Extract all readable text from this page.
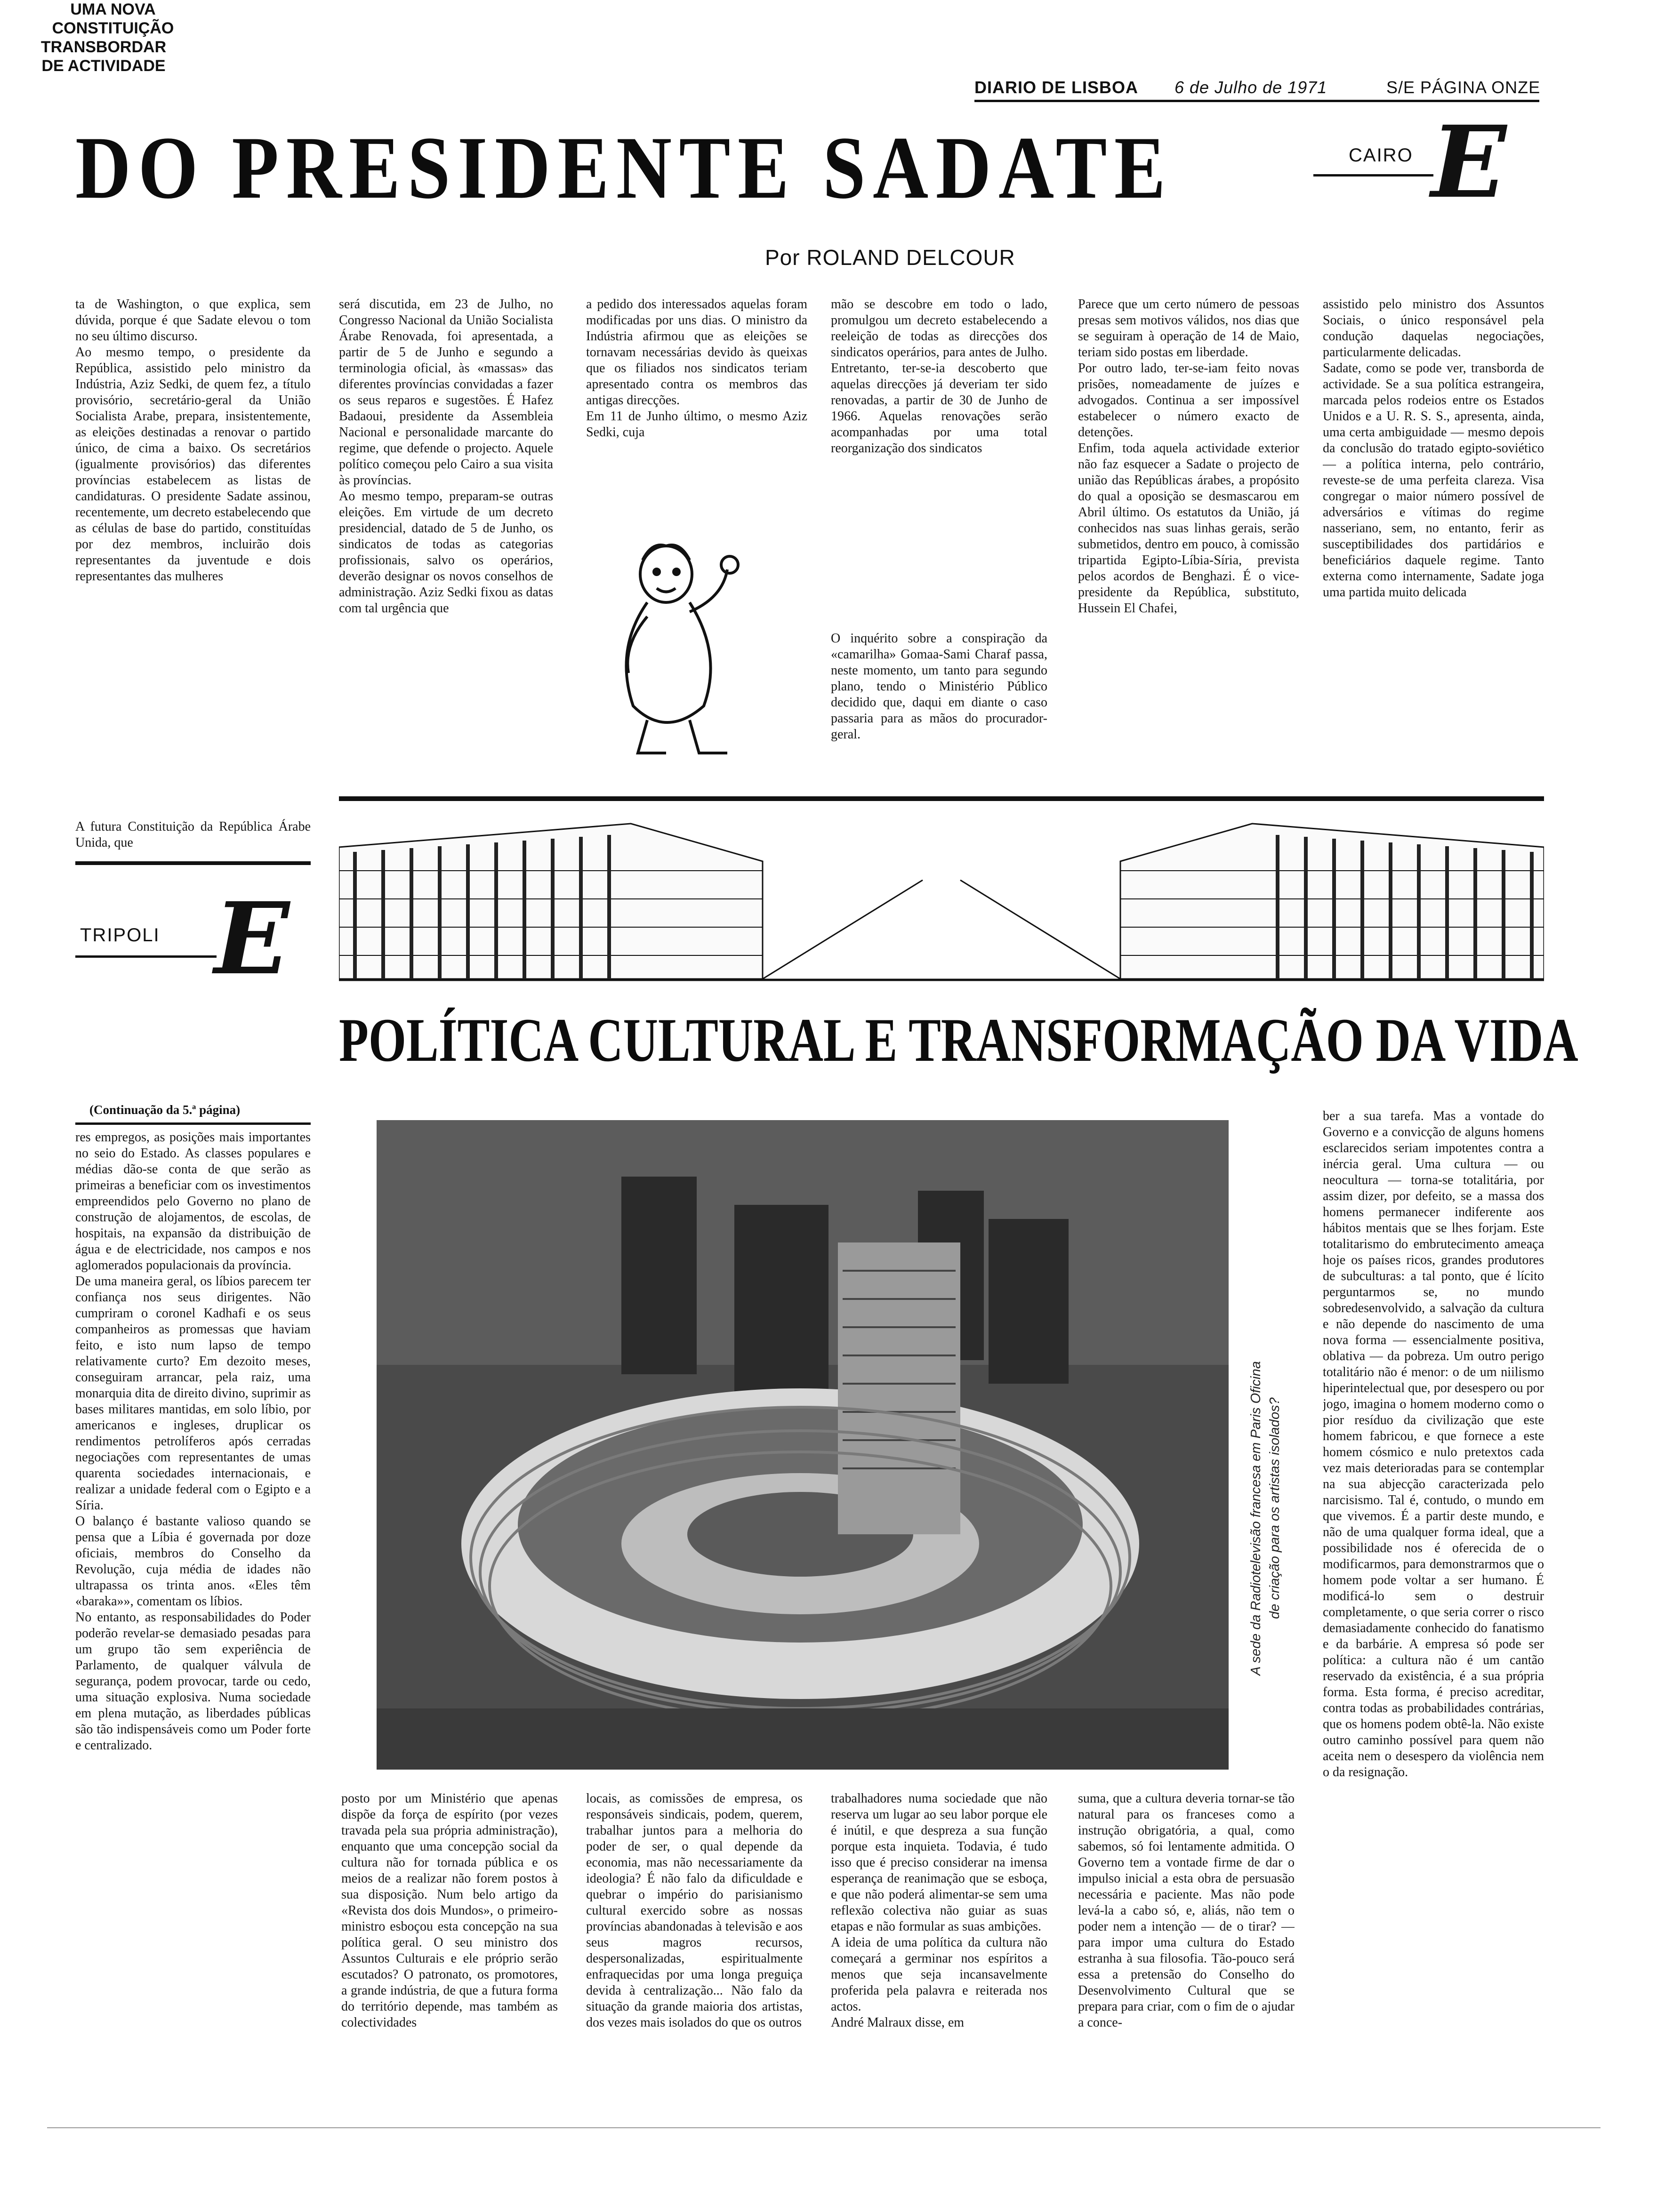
DIARIO DE LISBOA 6 de Julho de 1971	S/E PÁGINA ONZE
DO PRESIDENTE SADATE	CAIRO E
Por ROLAND DELCOUR
ta de Washington, o que explica, sem dúvida, porque é que Sadate elevou o tom no seu último discurso.
Ao mesmo tempo, o presidente da República, assistido pelo ministro da Indústria, Aziz Sedki, de quem fez, a título provisório, secretário-geral da União Socialista Arabe, prepara, insistentemente, as eleições destinadas a renovar o partido único, de cima a baixo. Os secretários (igualmente provisórios) das diferentes províncias estabelecem as listas de candidaturas. O presidente Sadate assinou, recentemente, um decreto estabelecendo que as células de base do partido, constituídas por dez membros, incluirão dois representantes da juventude e dois representantes das mulheres
UMA NOVA
CONSTITUIÇÃO
A futura Constituição da República Árabe Unida, que
será discutida, em 23 de Julho, no Congresso Nacional da União Socialista Árabe Renovada, foi apresentada, a partir de 5 de Junho e segundo a terminologia oficial, às «massas» das diferentes províncias convidadas a fazer os seus reparos e sugestões. É Hafez Badaoui, presidente da Assembleia Nacional e personalidade marcante do regime, que defende o projecto. Aquele político começou pelo Cairo a sua visita às províncias.
Ao mesmo tempo, preparam-se outras eleições. Em virtude de um decreto presidencial, datado de 5 de Junho, os sindicatos de todas as categorias profissionais, salvo os operários, deverão designar os novos conselhos de administração. Aziz Sedki fixou as datas com tal urgência que
a pedido dos interessados aquelas foram modificadas por uns dias. O ministro da Indústria afirmou que as eleições se tornavam necessárias devido às queixas que os filiados nos sindicatos teriam apresentado contra os membros das antigas direcções.
Em 11 de Junho último, o mesmo Aziz Sedki, cuja
mão se descobre em todo o lado, promulgou um decreto estabelecendo a reeleição de todas as direcções dos sindicatos operários, para antes de Julho. Entretanto, ter-se-ia descoberto que aquelas direcções já deveriam ter sido renovadas, a partir de 30 de Junho de 1966. Aquelas renovações serão acompanhadas por uma total reorganização dos sindicatos
TRANSBORDAR
DE ACTIVIDADE
O inquérito sobre a conspiração da «camarilha» Gomaa-Sami Charaf passa, neste momento, um tanto para segundo plano, tendo o Ministério Público decidido que, daqui em diante o caso passaria para as mãos do procurador-geral.
Parece que um certo número de pessoas presas sem motivos válidos, nos dias que se seguiram à operação de 14 de Maio, teriam sido postas em liberdade.
Por outro lado, ter-se-iam feito novas prisões, nomeadamente de juízes e advogados. Continua a ser impossível estabelecer o número exacto de detenções.
Enfim, toda aquela actividade exterior não faz esquecer a Sadate o projecto de união das Repúblicas árabes, a propósito do qual a oposição se desmascarou em Abril último. Os estatutos da União, já conhecidos nas suas linhas gerais, serão submetidos, dentro em pouco, à comissão tripartida Egipto-Líbia-Síria, prevista pelos acordos de Benghazi. É o vice-presidente da República, substituto, Hussein El Chafei,
assistido pelo ministro dos Assuntos Sociais, o único responsável pela condução daquelas negociações, particularmente delicadas.
Sadate, como se pode ver, transborda de actividade. Se a sua política estrangeira, marcada pelos rodeios entre os Estados Unidos e a U. R. S. S., apresenta, ainda, uma certa ambiguidade — mesmo depois da conclusão do tratado egipto-soviético — a política interna, pelo contrário, reveste-se de uma perfeita clareza. Visa congregar o maior número possível de adversários e vítimas do regime nasseriano, sem, no entanto, ferir as susceptibilidades dos partidários e beneficiários daquele regime. Tanto externa como internamente, Sadate joga uma partida muito delicada
TRIPOLI E
POLÍTICA CULTURAL E TRANSFORMAÇÃO DA VIDA
(Continuação da 5.ª página)
res empregos, as posições mais importantes no seio do Estado. As classes populares e médias dão-se conta de que serão as primeiras a beneficiar com os investimentos empreendidos pelo Governo no plano de construção de alojamentos, de escolas, de hospitais, na expansão da distribuição de água e de electricidade, nos campos e nos aglomerados populacionais da província.
De uma maneira geral, os líbios parecem ter confiança nos seus dirigentes. Não cumpriram o coronel Kadhafi e os seus companheiros as promessas que haviam feito, e isto num lapso de tempo relativamente curto? Em dezoito meses, conseguiram arrancar, pela raiz, uma monarquia dita de direito divino, suprimir as bases militares mantidas, em solo líbio, por americanos e ingleses, druplicar os rendimentos petrolíferos após cerradas negociações com representantes de umas quarenta sociedades internacionais, e realizar a unidade federal com o Egipto e a Síria.
O balanço é bastante valioso quando se pensa que a Líbia é governada por doze oficiais, membros do Conselho da Revolução, cuja média de idades não ultrapassa os trinta anos. «Eles têm «baraka»», comentam os líbios.
No entanto, as responsabilidades do Poder poderão revelar-se demasiado pesadas para um grupo tão sem experiência de Parlamento, de qualquer válvula de segurança, podem provocar, tarde ou cedo, uma situação explosiva. Numa sociedade em plena mutação, as liberdades públicas são tão indispensáveis como um Poder forte e centralizado.
A sede da Radiotelevisão francesa em Paris Oficina de criação para os artistas isolados?
posto por um Ministério que apenas dispõe da força de espírito (por vezes travada pela sua própria administração), enquanto que uma concepção social da cultura não for tornada pública e os meios de a realizar não forem postos à sua disposição. Num belo artigo da «Revista dos dois Mundos», o primeiro-ministro esboçou esta concepção na sua política geral. O seu ministro dos Assuntos Culturais e ele próprio serão escutados? O patronato, os promotores, a grande indústria, de que a futura forma do território depende, mas também as colectividades
locais, as comissões de empresa, os responsáveis sindicais, podem, querem, trabalhar juntos para a melhoria do poder de ser, o qual depende da economia, mas não necessariamente da ideologia? É não falo da dificuldade e quebrar o império do parisianismo cultural exercido sobre as nossas províncias abandonadas à televisão e aos seus magros recursos, despersonalizadas, espiritualmente enfraquecidas por uma longa preguiça devida à centralização... Não falo da situação da grande maioria dos artistas, dos vezes mais isolados do que os outros
trabalhadores numa sociedade que não reserva um lugar ao seu labor porque ele é inútil, e que despreza a sua função porque esta inquieta. Todavia, é tudo isso que é preciso considerar na imensa esperança de reanimação que se esboça, e que não poderá alimentar-se sem uma reflexão colectiva não guiar as suas etapas e não formular as suas ambições.
A ideia de uma política da cultura não começará a germinar nos espíritos a menos que seja incansavelmente proferida pela palavra e reiterada nos actos.
André Malraux disse, em
suma, que a cultura deveria tornar-se tão natural para os franceses como a instrução obrigatória, a qual, como sabemos, só foi lentamente admitida. O Governo tem a vontade firme de dar o impulso inicial a esta obra de persuasão necessária e paciente. Mas não pode levá-la a cabo só, e, aliás, não tem o poder nem a intenção — de o tirar? — para impor uma cultura do Estado estranha à sua filosofia. Tão-pouco será essa a pretensão do Conselho do Desenvolvimento Cultural que se prepara para criar, com o fim de o ajudar a conce-
ber a sua tarefa. Mas a vontade do Governo e a convicção de alguns homens esclarecidos seriam impotentes contra a inércia geral. Uma cultura — ou neocultura — torna-se totalitária, por assim dizer, por defeito, se a massa dos homens permanecer indiferente aos hábitos mentais que se lhes forjam. Este totalitarismo do embrutecimento ameaça hoje os países ricos, grandes produtores de subculturas: a tal ponto, que é lícito perguntarmos se, no mundo sobredesenvolvido, a salvação da cultura e não depende do nascimento de uma nova forma — essencialmente positiva, oblativa — da pobreza. Um outro perigo totalitário não é menor: o de um niilismo hiperintelectual que, por desespero ou por jogo, imagina o homem moderno como o pior resíduo da civilização que este homem fabricou, e que fornece a este homem cósmico e nulo pretextos cada vez mais deterioradas para se contemplar na sua abjecção caracterizada pelo narcisismo. Tal é, contudo, o mundo em que vivemos. É a partir deste mundo, e não de uma qualquer forma ideal, que a possibilidade nos é oferecida de o modificarmos, para demonstrarmos que o homem pode voltar a ser humano. É modificá-lo sem o destruir completamente, o que seria correr o risco demasiadamente conhecido do fanatismo e da barbárie. A empresa só pode ser política: a cultura não é um cantão reservado da existência, é a sua própria forma. Esta forma, é preciso acreditar, contra todas as probabilidades contrárias, que os homens podem obtê-la. Não existe outro caminho possível para quem não aceita nem o desespero da violência nem o da resignação.
